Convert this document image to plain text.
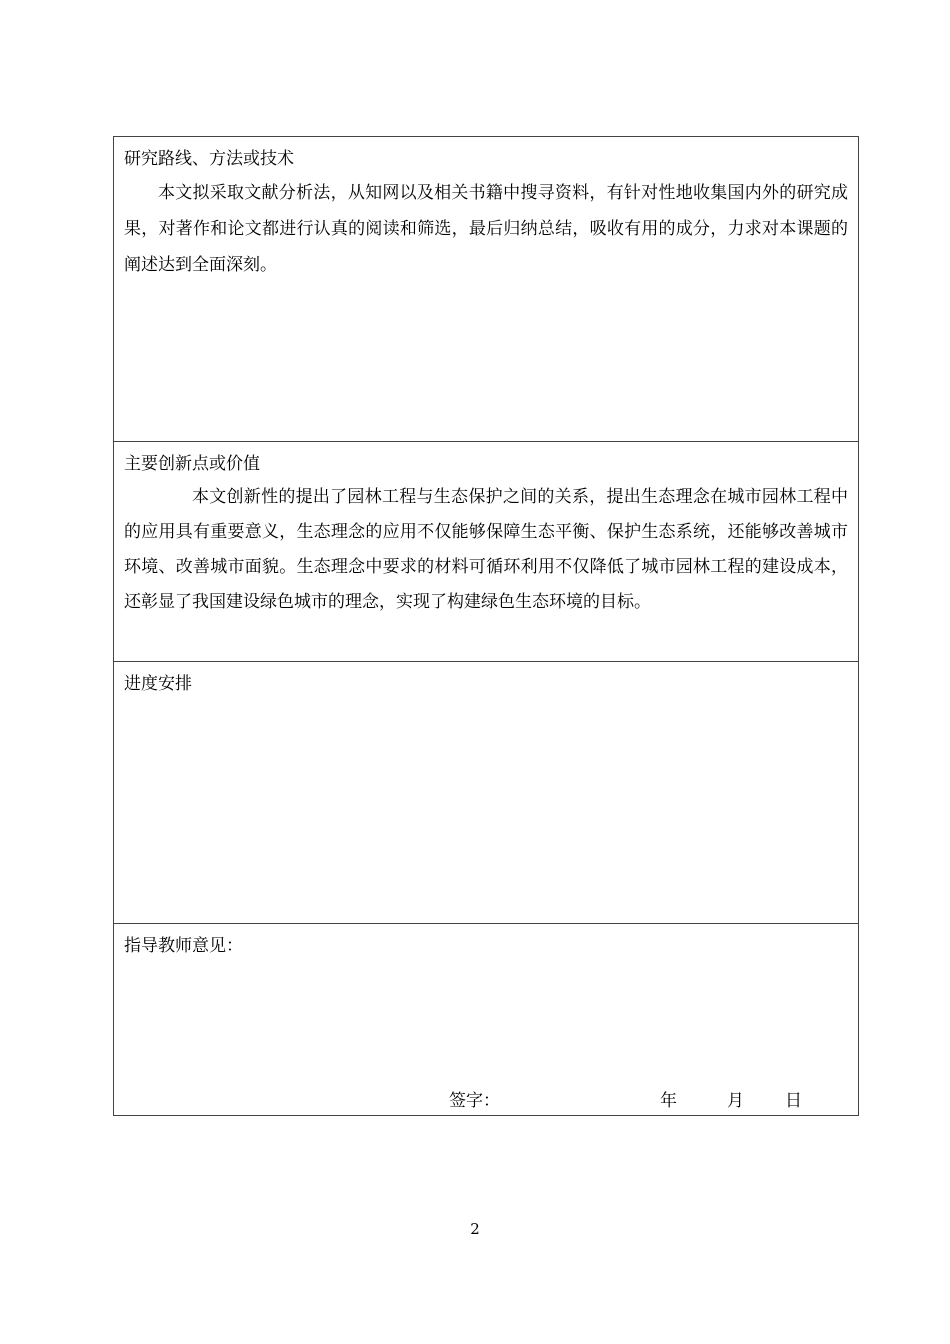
研究路线、方法或技术

本文拟采取文献分析法，从知网以及相关书籍中搜寻资料，有针对性地收集国内外的研究成果，对著作和论文都进行认真的阅读和筛选，最后归纳总结，吸收有用的成分，力求对本课题的阐述达到全面深刻。

主要创新点或价值

本文创新性的提出了园林工程与生态保护之间的关系，提出生态理念在城市园林工程中的应用具有重要意义，生态理念的应用不仅能够保障生态平衡、保护生态系统，还能够改善城市环境、改善城市面貌。生态理念中要求的材料可循环利用不仅降低了城市园林工程的建设成本，还彰显了我国建设绿色城市的理念，实现了构建绿色生态环境的目标。

进度安排

指导教师意见：

签字：	年	月 日
2
